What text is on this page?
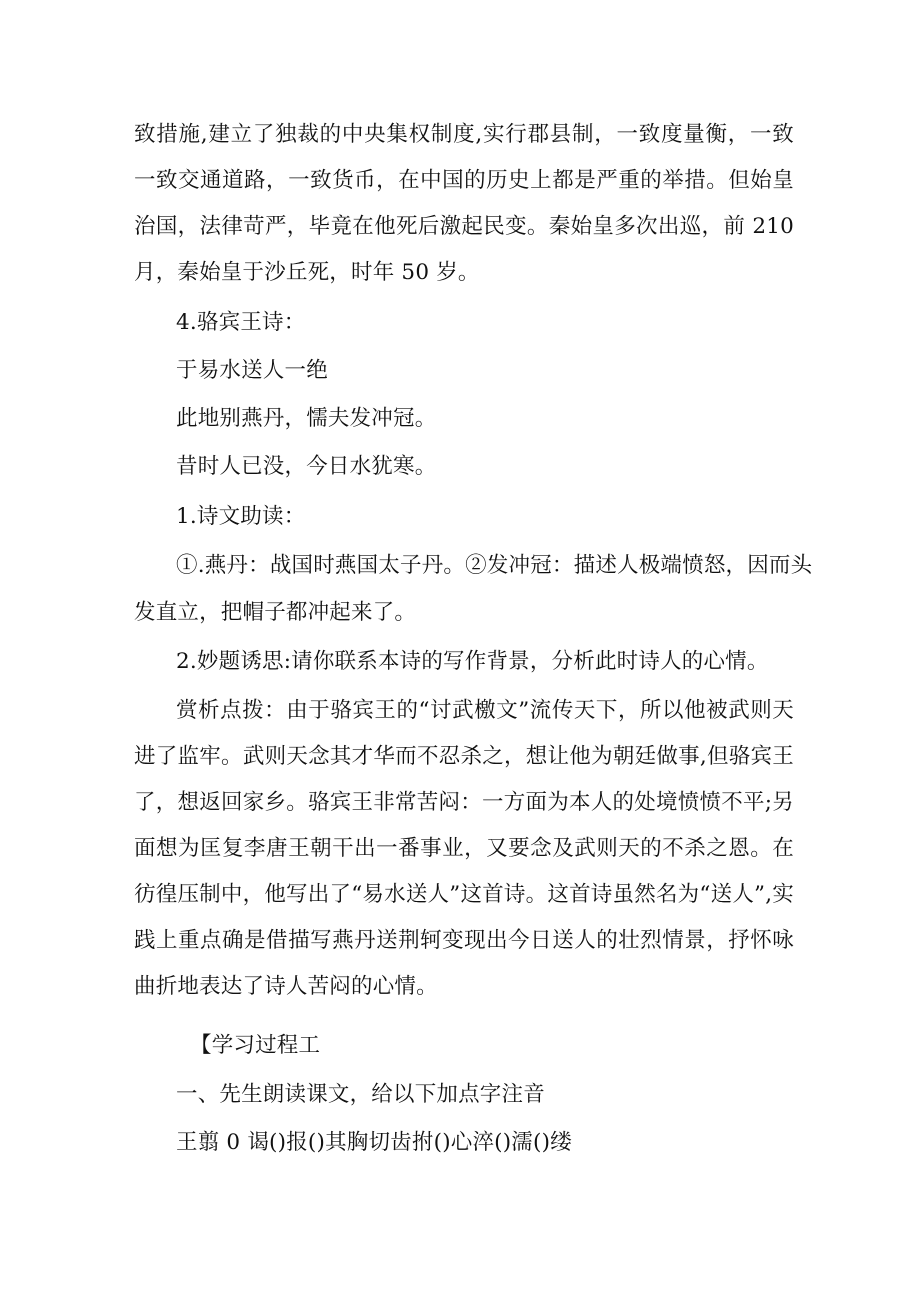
致措施,建立了独裁的中央集权制度,实行郡县制，一致度量衡，一致
一致交通道路，一致货币，在中国的历史上都是严重的举措。但始皇
治国，法律苛严，毕竟在他死后激起民变。秦始皇多次出巡，前 210
月，秦始皇于沙丘死，时年 50 岁。
4.骆宾王诗：
于易水送人一绝
此地别燕丹，懦夫发冲冠。
昔时人已没，今日水犹寒。
1.诗文助读：
①.燕丹：战国时燕国太子丹。②发冲冠：描述人极端愤怒，因而头
发直立，把帽子都冲起来了。
2.妙题诱思:请你联系本诗的写作背景，分析此时诗人的心情。
赏析点拨：由于骆宾王的“讨武檄文”流传天下，所以他被武则天
进了监牢。武则天念其才华而不忍杀之，想让他为朝廷做事,但骆宾王
了，想返回家乡。骆宾王非常苦闷：一方面为本人的处境愤愤不平;另
面想为匡复李唐王朝干出一番事业，又要念及武则天的不杀之恩。在
彷徨压制中，他写出了“易水送人”这首诗。这首诗虽然名为“送人”,实
践上重点确是借描写燕丹送荆轲变现出今日送人的壮烈情景，抒怀咏
曲折地表达了诗人苦闷的心情。
【学习过程工
一、先生朗读课文，给以下加点字注音
王翦 0 谒()报()其胸切齿拊()心淬()濡()缕
